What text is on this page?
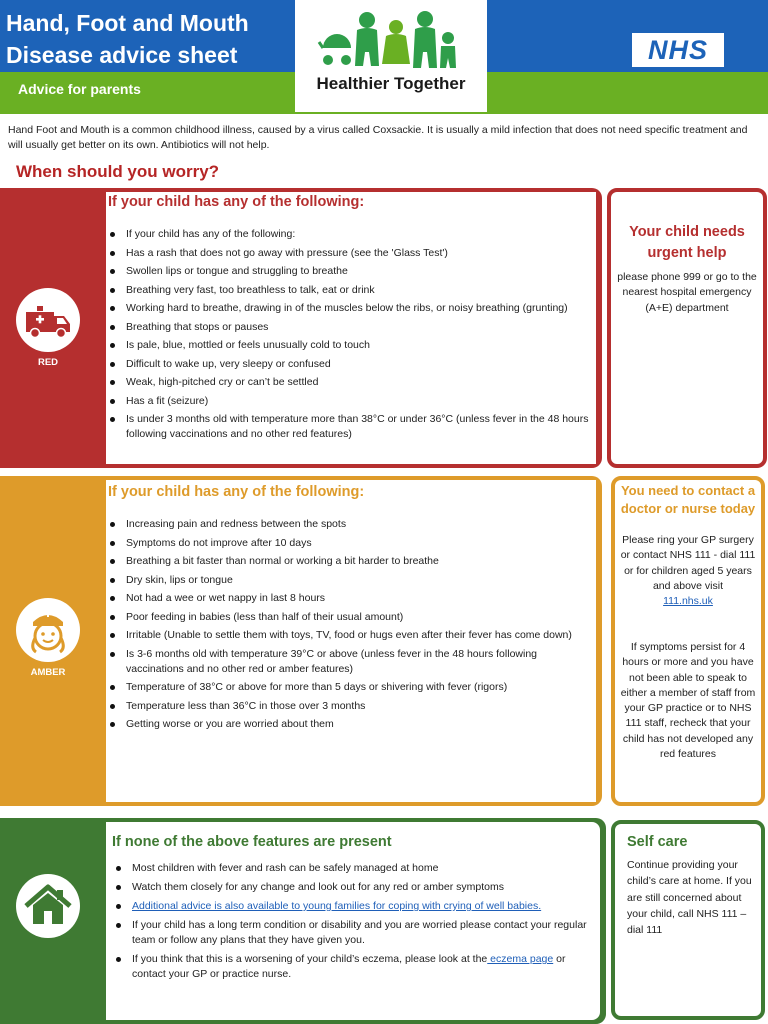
Hand, Foot and Mouth
Disease advice sheet
Advice for parents	Healthier Together
NHS
Hand Foot and Mouth is a common childhood illness, caused by a virus called Coxsackie. It is usually a mild infection that does not need specific treatment and will usually get better on its own. Antibiotics will not help.
When should you worry?
If your child has any of the following:
RED
If your child has any of the following:
Has a rash that does not go away with pressure (see the 'Glass Test')
Swollen lips or tongue and struggling to breathe
Breathing very fast, too breathless to talk, eat or drink
Working hard to breathe, drawing in of the muscles below the ribs, or noisy breathing (grunting)
Breathing that stops or pauses
Is pale, blue, mottled or feels unusually cold to touch
Difficult to wake up, very sleepy or confused
Weak, high-pitched cry or can’t be settled
Has a fit (seizure)
Is under 3 months old with temperature more than 38°C or under 36°C (unless fever in the 48 hours following vaccinations and no other red features)
Your child needs urgent help
please phone 999 or go to the nearest hospital emergency (A+E) department
If your child has any of the following:
AMBER
Increasing pain and redness between the spots
Symptoms do not improve after 10 days
Breathing a bit faster than normal or working a bit harder to breathe
Dry skin, lips or tongue
Not had a wee or wet nappy in last 8 hours
Poor feeding in babies (less than half of their usual amount)
Irritable (Unable to settle them with toys, TV, food or hugs even after their fever has come down)
Is 3-6 months old with temperature 39°C or above (unless fever in the 48 hours following vaccinations and no other red or amber features)
Temperature of 38°C or above for more than 5 days or shivering with fever (rigors)
Temperature less than 36°C in those over 3 months
Getting worse or you are worried about them
You need to contact a doctor or nurse today
Please ring your GP surgery or contact NHS 111 - dial 111 or for children aged 5 years and above visit
111.nhs.uk
If symptoms persist for 4 hours or more and you have not been able to speak to either a member of staff from your GP practice or to NHS 111 staff, recheck that your child has not developed any red features
If none of the above features are present
Most children with fever and rash can be safely managed at home
Watch them closely for any change and look out for any red or amber symptoms
Additional advice is also available to young families for coping with crying of well babies.
If your child has a long term condition or disability and you are worried please contact your regular team or follow any plans that they have given you.
If you think that this is a worsening of your child’s eczema, please look at the eczema page or contact your GP or practice nurse.
Self care
Continue providing your child’s care at home. If you are still concerned about your child, call NHS 111 – dial 111
